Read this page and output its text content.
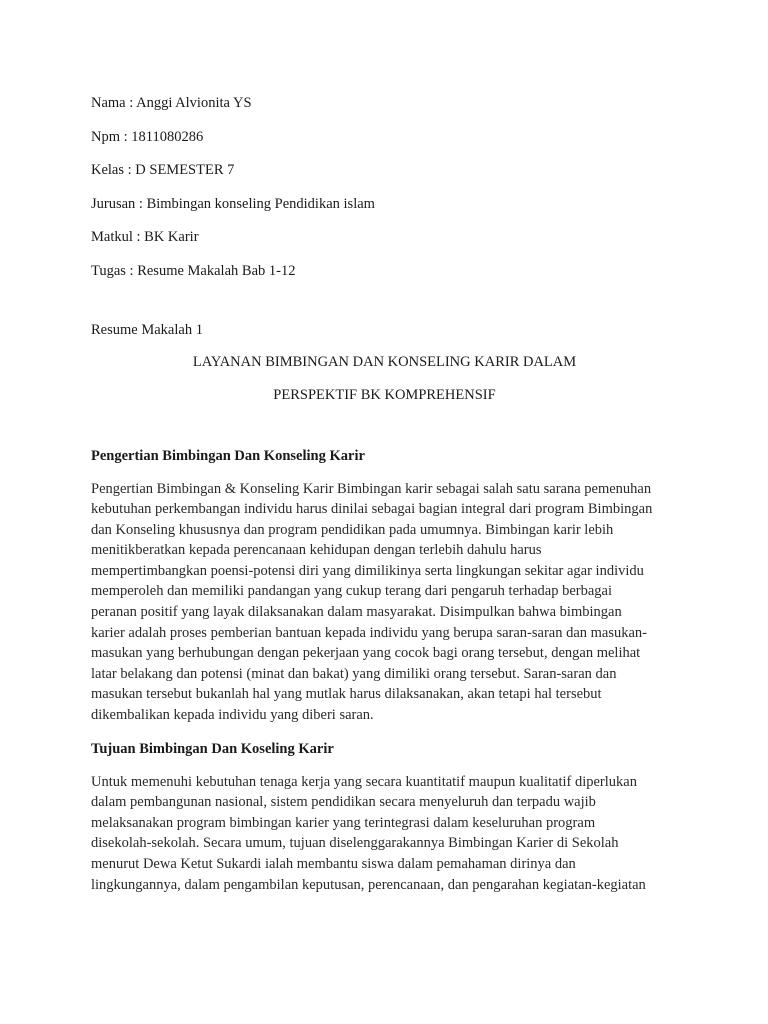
Nama : Anggi Alvionita YS

Npm : 1811080286

Kelas : D SEMESTER 7

Jurusan : Bimbingan konseling Pendidikan islam

Matkul : BK Karir

Tugas : Resume Makalah Bab 1-12

Resume Makalah 1

LAYANAN BIMBINGAN DAN KONSELING KARIR DALAM

PERSPEKTIF BK KOMPREHENSIF

Pengertian Bimbingan Dan Konseling Karir

Pengertian Bimbingan & Konseling Karir Bimbingan karir sebagai salah satu sarana pemenuhan
kebutuhan perkembangan individu harus dinilai sebagai bagian integral dari program Bimbingan
dan Konseling khususnya dan program pendidikan pada umumnya. Bimbingan karir lebih
menitikberatkan kepada perencanaan kehidupan dengan terlebih dahulu harus
mempertimbangkan poensi-potensi diri yang dimilikinya serta lingkungan sekitar agar individu
memperoleh dan memiliki pandangan yang cukup terang dari pengaruh terhadap berbagai
peranan positif yang layak dilaksanakan dalam masyarakat. Disimpulkan bahwa bimbingan
karier adalah proses pemberian bantuan kepada individu yang berupa saran-saran dan masukan-
masukan yang berhubungan dengan pekerjaan yang cocok bagi orang tersebut, dengan melihat
latar belakang dan potensi (minat dan bakat) yang dimiliki orang tersebut. Saran-saran dan
masukan tersebut bukanlah hal yang mutlak harus dilaksanakan, akan tetapi hal tersebut
dikembalikan kepada individu yang diberi saran.

Tujuan Bimbingan Dan Koseling Karir

Untuk memenuhi kebutuhan tenaga kerja yang secara kuantitatif maupun kualitatif diperlukan
dalam pembangunan nasional, sistem pendidikan secara menyeluruh dan terpadu wajib
melaksanakan program bimbingan karier yang terintegrasi dalam keseluruhan program
disekolah-sekolah. Secara umum, tujuan diselenggarakannya Bimbingan Karier di Sekolah
menurut Dewa Ketut Sukardi ialah membantu siswa dalam pemahaman dirinya dan
lingkungannya, dalam pengambilan keputusan, perencanaan, dan pengarahan kegiatan-kegiatan
